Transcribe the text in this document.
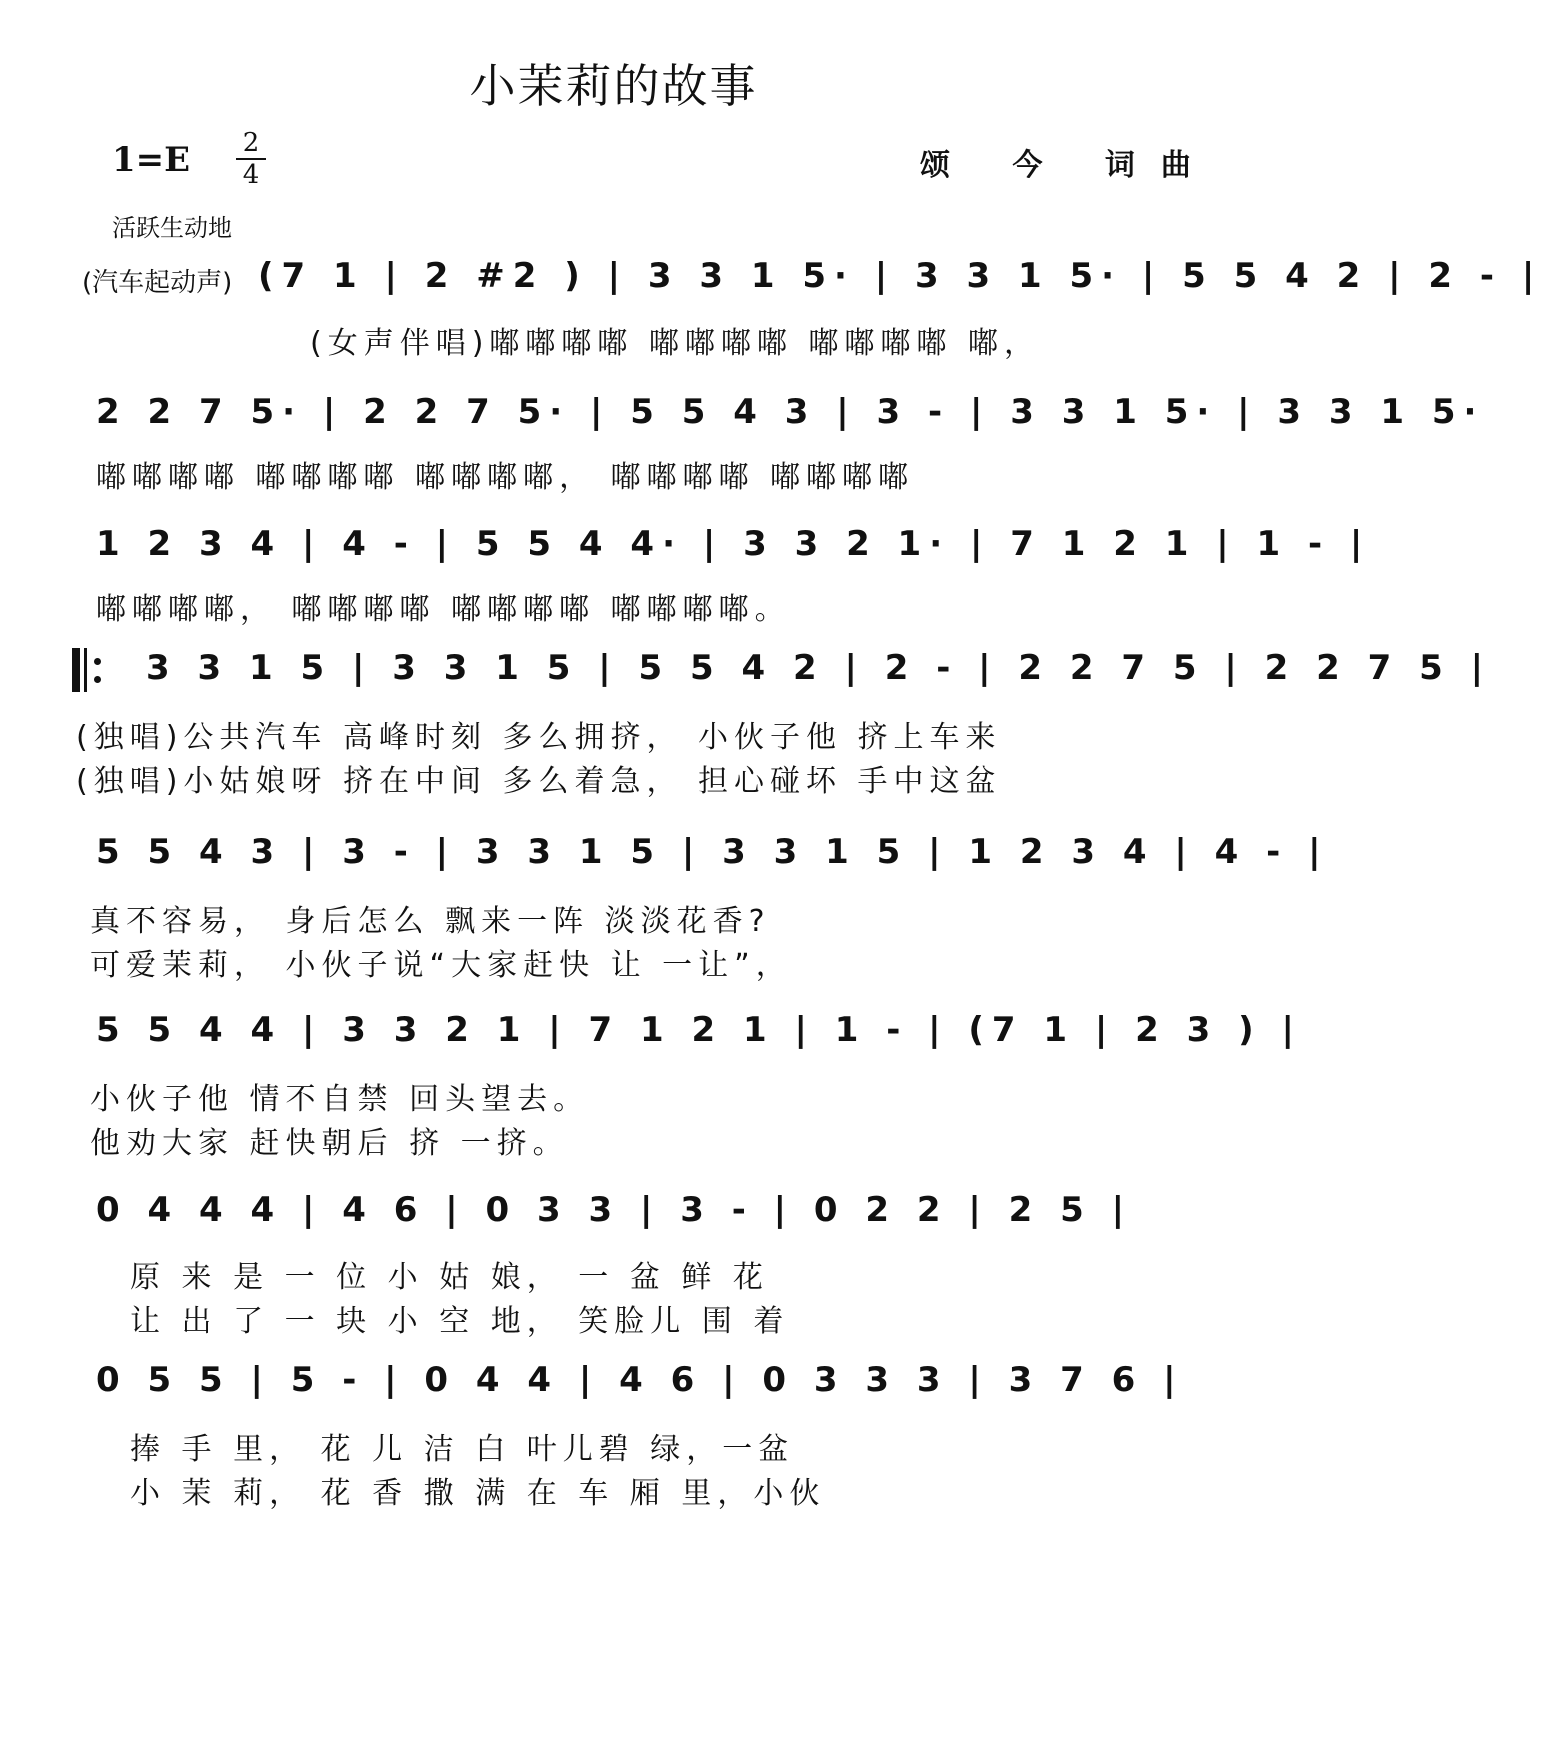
小茉莉的故事
1=E 2
4	颂 今 词曲
活跃生动地
(汽车起动声) (7 1 | 2 #2 ) | 3 3 1 5· | 3 3 1 5· | 5 5 4 2 | 2 - |
(女声伴唱)嘟嘟嘟嘟 嘟嘟嘟嘟 嘟嘟嘟嘟 嘟，
2 2 7 5· | 2 2 7 5· | 5 5 4 3 | 3 - | 3 3 1 5· | 3 3 1 5·
嘟嘟嘟嘟 嘟嘟嘟嘟 嘟嘟嘟嘟， 嘟嘟嘟嘟 嘟嘟嘟嘟
1 2 3 4 | 4 - | 5 5 4 4· | 3 3 2 1· | 7 1 2 1 | 1 - |
嘟嘟嘟嘟， 嘟嘟嘟嘟 嘟嘟嘟嘟 嘟嘟嘟嘟。
3 3 1 5 | 3 3 1 5 | 5 5 4 2 | 2 - | 2 2 7 5 | 2 2 7 5 |
(独唱)公共汽车 高峰时刻 多么拥挤， 小伙子他 挤上车来
(独唱)小姑娘呀 挤在中间 多么着急， 担心碰坏 手中这盆
5 5 4 3 | 3 - | 3 3 1 5 | 3 3 1 5 | 1 2 3 4 | 4 - |
真不容易， 身后怎么 飘来一阵 淡淡花香?
可爱茉莉， 小伙子说“大家赶快 让 一让”，
5 5 4 4 | 3 3 2 1 | 7 1 2 1 | 1 - | (7 1 | 2 3 ) |
小伙子他 情不自禁 回头望去。
他劝大家 赶快朝后 挤 一挤。
0 4 4 4 | 4 6 | 0 3 3 | 3 - | 0 2 2 | 2 5 |
原 来 是 一 位 小 姑 娘， 一 盆 鲜 花
让 出 了 一 块 小 空 地， 笑脸儿 围 着
0 5 5 | 5 - | 0 4 4 | 4 6 | 0 3 3 3 | 3 7 6 |
捧 手 里， 花 儿 洁 白 叶儿碧 绿，一盆
小 茉 莉， 花 香 撒 满 在 车 厢 里，小伙
